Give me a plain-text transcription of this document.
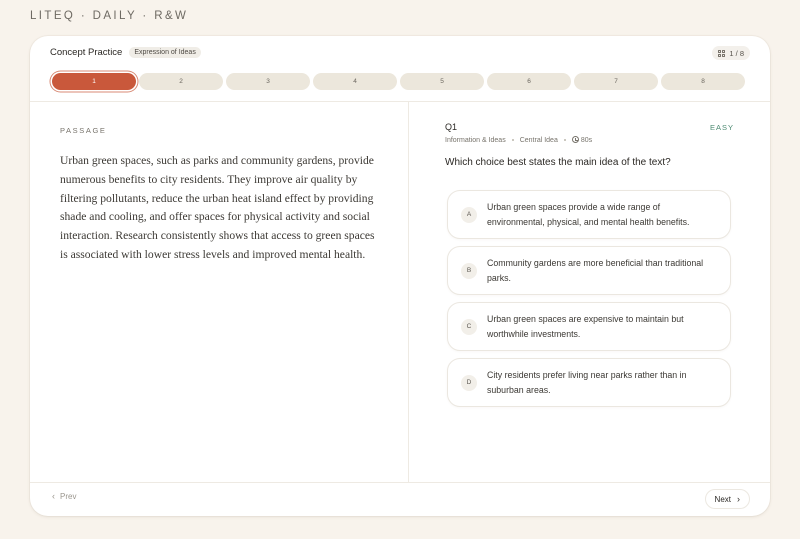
LITEQ · DAILY · R&W
Concept Practice	Expression of Ideas	1 / 8
1	2	3	4	5	6	7	8
PASSAGE

Urban green spaces, such as parks and community gardens, provide numerous benefits to city residents. They improve air quality by filtering pollutants, reduce the urban heat island effect by providing shade and cooling, and offer spaces for physical activity and social interaction. Research consistently shows that access to green spaces is associated with lower stress levels and improved mental health.

Q1
Information & Ideas Central Idea	80s
Which choice best states the main idea of the text?
EASY
A
Urban green spaces provide a wide range of environmental, physical, and mental health benefits.
B
Community gardens are more beneficial than traditional parks.
C
Urban green spaces are expensive to maintain but worthwhile investments.
D
City residents prefer living near parks rather than in suburban areas.
‹ Prev	Next ›
